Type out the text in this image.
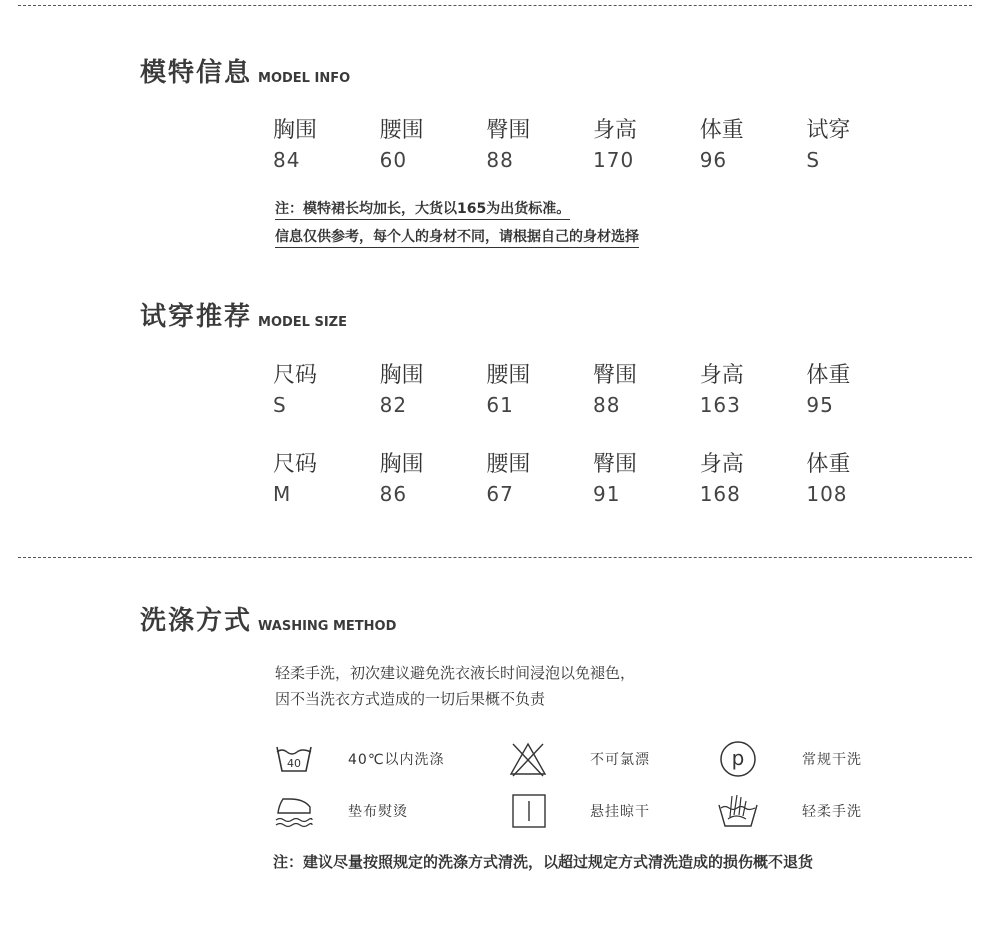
模特信息 MODEL INFO
胸围	腰围	臀围	身高	体重	试穿
84	60	88	170	96	S
注：模特裙长均加长，大货以165为出货标准。
信息仅供参考，每个人的身材不同，请根据自己的身材选择
试穿推荐 MODEL SIZE
尺码	胸围	腰围	臀围	身高	体重
S	82	61	88	163	95
尺码	胸围	腰围	臀围	身高	体重
M	86	67	91	168	108
洗涤方式 WASHING METHOD
轻柔手洗，初次建议避免洗衣液长时间浸泡以免褪色，
因不当洗衣方式造成的一切后果概不负责
40	40℃以内洗涤	不可氯漂	p	常规干洗
垫布熨烫	悬挂晾干	轻柔手洗
注：建议尽量按照规定的洗涤方式清洗，以超过规定方式清洗造成的损伤概不退货
